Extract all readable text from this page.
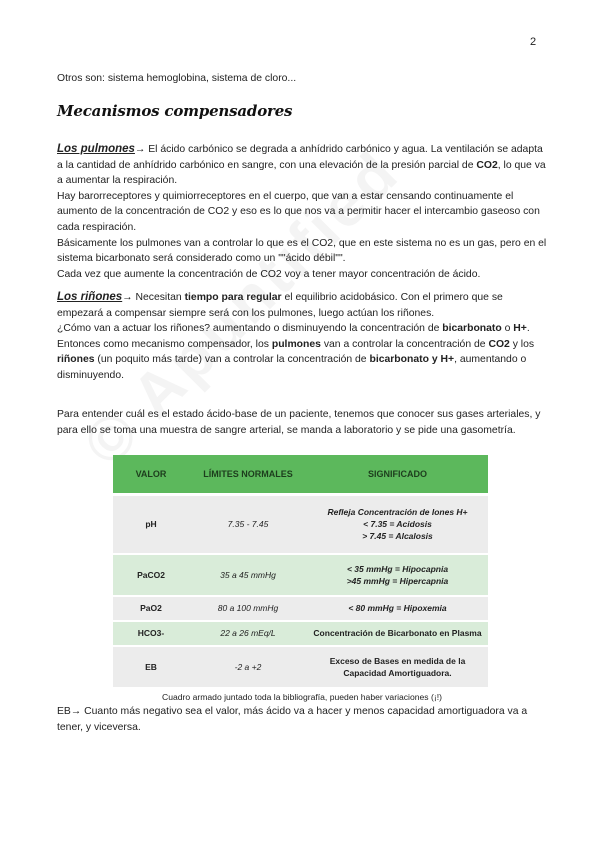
2
Otros son: sistema hemoglobina, sistema de cloro...
Mecanismos compensadores
Los pulmones→ El ácido carbónico se degrada a anhídrido carbónico y agua. La ventilación se adapta a la cantidad de anhídrido carbónico en sangre, con una elevación de la presión parcial de CO2, lo que va a aumentar la respiración.
Hay barorreceptores y quimiorreceptores en el cuerpo, que van a estar censando continuamente el aumento de la concentración de CO2 y eso es lo que nos va a permitir hacer el intercambio gaseoso con cada respiración.
Básicamente los pulmones van a controlar lo que es el CO2, que en este sistema no es un gas, pero en el sistema bicarbonato será considerado como un ""ácido débil"".
Cada vez que aumente la concentración de CO2 voy a tener mayor concentración de ácido.
Los riñones→ Necesitan tiempo para regular el equilibrio acidobásico. Con el primero que se empezará a compensar siempre será con los pulmones, luego actúan los riñones.
¿Cómo van a actuar los riñones? aumentando o disminuyendo la concentración de bicarbonato o H+.
Entonces como mecanismo compensador, los pulmones van a controlar la concentración de CO2 y los riñones (un poquito más tarde) van a controlar la concentración de bicarbonato y H+, aumentando o disminuyendo.
Para entender cuál es el estado ácido-base de un paciente, tenemos que conocer sus gases arteriales, y para ello se toma una muestra de sangre arterial, se manda a laboratorio y se pide una gasometría.
VALOR	LÍMITES NORMALES	SIGNIFICADO
pH	7.35 - 7.45	Refleja Concentración de Iones H+
< 7.35 = Acidosis
> 7.45 = Alcalosis

PaCO2	35 a 45 mmHg	< 35 mmHg = Hipocapnia
>45 mmHg = Hipercapnia

PaO2	80 a 100 mmHg	< 80 mmHg = Hipoxemia

HCO3-	22 a 26 mEq/L	Concentración de Bicarbonato en Plasma

EB	-2 a +2	Exceso de Bases en medida de la Capacidad Amortiguadora.
Cuadro armado juntado toda la bibliografía, pueden haber variaciones (¡!)
EB→ Cuanto más negativo sea el valor, más ácido va a hacer y menos capacidad amortiguadora va a tener, y viceversa.
